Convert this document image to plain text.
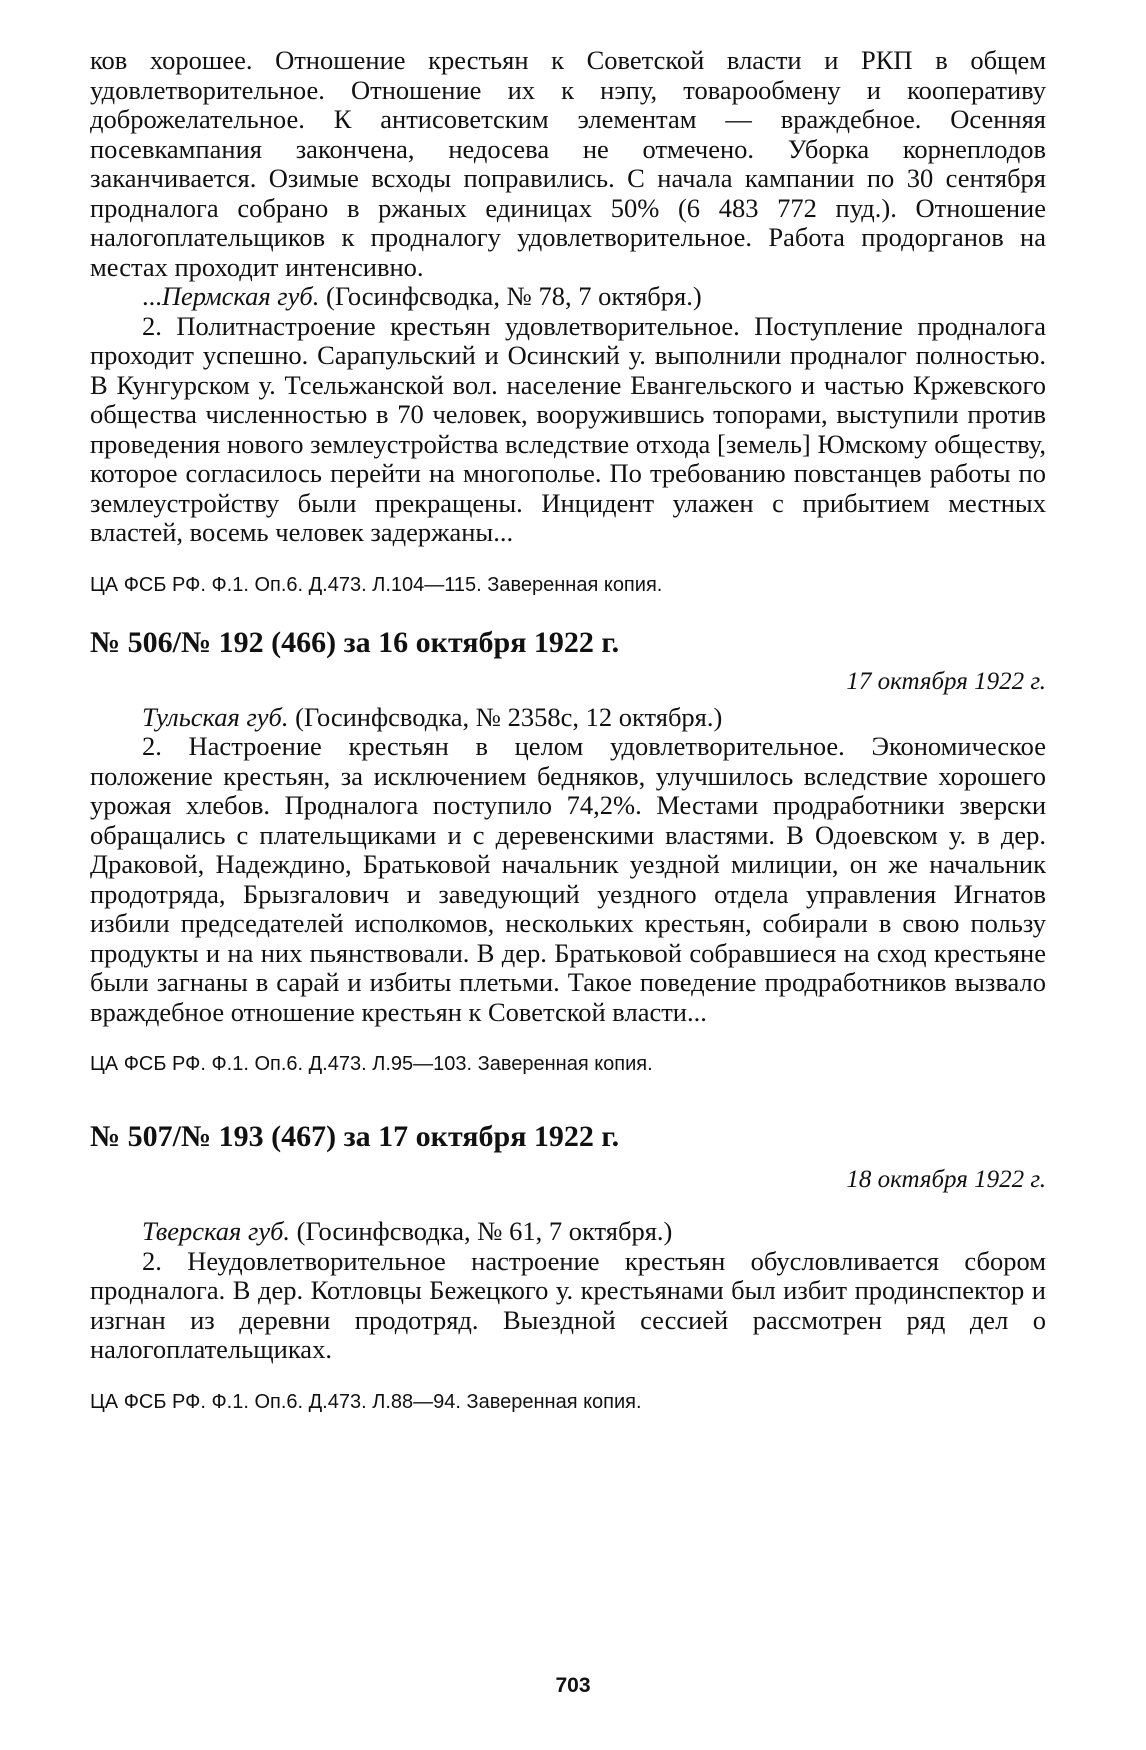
ков хорошее. Отношение крестьян к Советской власти и РКП в общем удовлетворительное. Отношение их к нэпу, товарообмену и кооперативу доброжелательное. К антисоветским элементам — враждебное. Осенняя посевкампания закончена, недосева не отмечено. Уборка корнеплодов заканчивается. Озимые всходы поправились. С начала кампании по 30 сентября продналога собрано в ржаных единицах 50% (6 483 772 пуд.). Отношение налогоплательщиков к продналогу удовлетворительное. Работа продорганов на местах проходит интенсивно.

...Пермская губ. (Госинфсводка, № 78, 7 октября.)

2. Политнастроение крестьян удовлетворительное. Поступление продналога проходит успешно. Сарапульский и Осинский у. выполнили продналог полностью. В Кунгурском у. Тсельжанской вол. население Евангельского и частью Кржевского общества численностью в 70 человек, вооружившись топорами, выступили против проведения нового землеустройства вследствие отхода [земель] Юмскому обществу, которое согласилось перейти на многополье. По требованию повстанцев работы по землеустройству были прекращены. Инцидент улажен с прибытием местных властей, восемь человек задержаны...

ЦА ФСБ РФ. Ф.1. Оп.6. Д.473. Л.104—115. Заверенная копия.

№ 506/№ 192 (466) за 16 октября 1922 г.

17 октября 1922 г.

Тульская губ. (Госинфсводка, № 2358с, 12 октября.)

2. Настроение крестьян в целом удовлетворительное. Экономическое положение крестьян, за исключением бедняков, улучшилось вследствие хорошего урожая хлебов. Продналога поступило 74,2%. Местами продработники зверски обращались с плательщиками и с деревенскими властями. В Одоевском у. в дер. Драковой, Надеждино, Братьковой начальник уездной милиции, он же начальник продотряда, Брызгалович и заведующий уездного отдела управления Игнатов избили председателей исполкомов, нескольких крестьян, собирали в свою пользу продукты и на них пьянствовали. В дер. Братьковой собравшиеся на сход крестьяне были загнаны в сарай и избиты плетьми. Такое поведение продработников вызвало враждебное отношение крестьян к Советской власти...

ЦА ФСБ РФ. Ф.1. Оп.6. Д.473. Л.95—103. Заверенная копия.

№ 507/№ 193 (467) за 17 октября 1922 г.

18 октября 1922 г.

Тверская губ. (Госинфсводка, № 61, 7 октября.)

2. Неудовлетворительное настроение крестьян обусловливается сбором продналога. В дер. Котловцы Бежецкого у. крестьянами был избит продинспектор и изгнан из деревни продотряд. Выездной сессией рассмотрен ряд дел о налогоплательщиках.

ЦА ФСБ РФ. Ф.1. Оп.6. Д.473. Л.88—94. Заверенная копия.

703
